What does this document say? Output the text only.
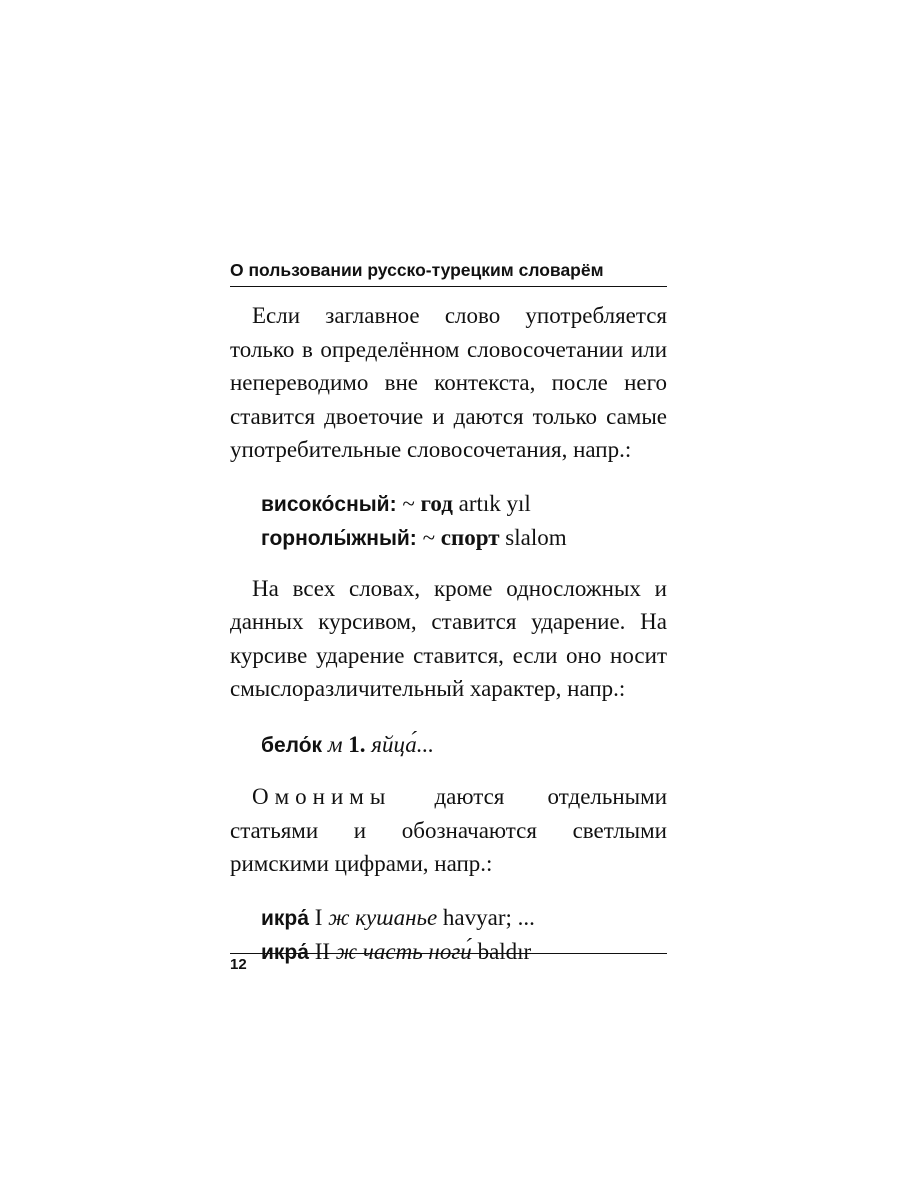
О пользовании русско-турецким словарём

Если заглавное слово употребляется только в определённом словосочетании или непереводимо вне контекста, после него ставится двоеточие и даются только самые употребительные словосочетания, напр.:

високо́сный: ~ год artık yıl
горнолы́жный: ~ спорт slalom

На всех словах, кроме односложных и данных курсивом, ставится ударение. На курсиве ударение ставится, если оно носит смыслоразличительный характер, напр.:

бело́к м 1. яйца́...

Омонимы даются отдельными статьями и обозначаются светлыми римскими цифрами, напр.:

икра́ I ж кушанье havyar; ...
икра́ II ж часть ноги́ baldır
12
